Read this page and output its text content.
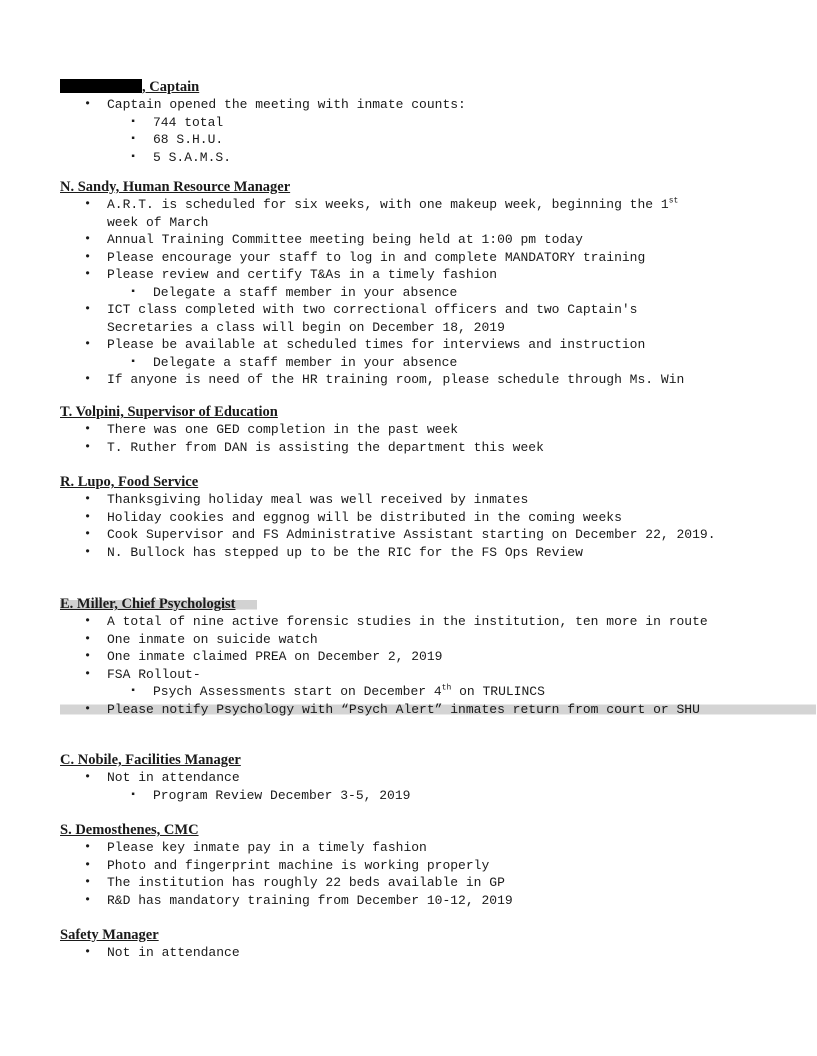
, Captain
• Captain opened the meeting with inmate counts:
▪ 744 total
▪ 68 S.H.U.
▪ 5 S.A.M.S.
N. Sandy, Human Resource Manager
• A.R.T. is scheduled for six weeks, with one makeup week, beginning the 1st
week of March
• Annual Training Committee meeting being held at 1:00 pm today
• Please encourage your staff to log in and complete MANDATORY training
• Please review and certify T&As in a timely fashion
▪ Delegate a staff member in your absence
• ICT class completed with two correctional officers and two Captain's Secretaries a class will begin on December 18, 2019
• Please be available at scheduled times for interviews and instruction
▪ Delegate a staff member in your absence
• If anyone is need of the HR training room, please schedule through Ms. Win
T. Volpini, Supervisor of Education
• There was one GED completion in the past week
• T. Ruther from DAN is assisting the department this week
R. Lupo, Food Service
• Thanksgiving holiday meal was well received by inmates
• Holiday cookies and eggnog will be distributed in the coming weeks
• Cook Supervisor and FS Administrative Assistant starting on December 22, 2019.
• N. Bullock has stepped up to be the RIC for the FS Ops Review
E. Miller, Chief Psychologist
• A total of nine active forensic studies in the institution, ten more in route
• One inmate on suicide watch
• One inmate claimed PREA on December 2, 2019
• FSA Rollout-
▪ Psych Assessments start on December 4th on TRULINCS
• Please notify Psychology with “Psych Alert” inmates return from court or SHU
C. Nobile, Facilities Manager
• Not in attendance
▪ Program Review December 3-5, 2019
S. Demosthenes, CMC
• Please key inmate pay in a timely fashion
• Photo and fingerprint machine is working properly
• The institution has roughly 22 beds available in GP
• R&D has mandatory training from December 10-12, 2019
Safety Manager
• Not in attendance
